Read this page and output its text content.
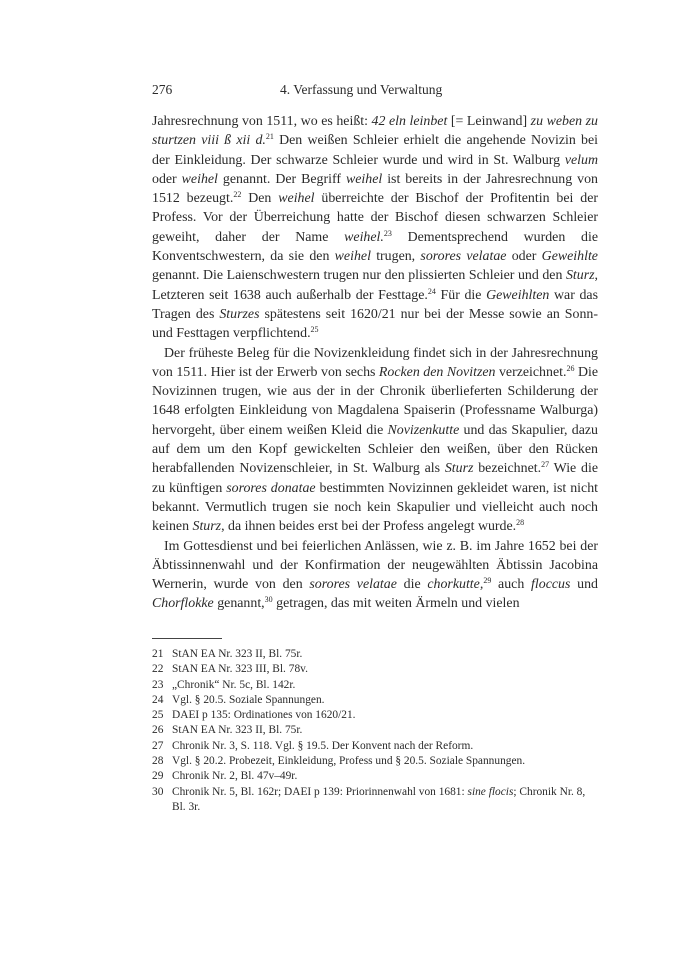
276	4. Verfassung und Verwaltung

Jahresrechnung von 1511, wo es heißt: 42 eln leinbet [= Leinwand] zu weben zu sturtzen viii ß xii d.$^{21}$ Den weißen Schleier erhielt die angehende Novizin bei der Einkleidung. Der schwarze Schleier wurde und wird in St. Walburg velum oder weihel genannt. Der Begriff weihel ist bereits in der Jahresrechnung von 1512 bezeugt.$^{22}$ Den weihel überreichte der Bischof der Profitentin bei der Profess. Vor der Überreichung hatte der Bischof diesen schwarzen Schleier geweiht, daher der Name weihel.$^{23}$ Dementsprechend wurden die Konventschwestern, da sie den weihel trugen, sorores velatae oder Geweihlte genannt. Die Laienschwestern trugen nur den plissierten Schleier und den Sturz, Letzteren seit 1638 auch außerhalb der Festtage.$^{24}$ Für die Geweihlten war das Tragen des Sturzes spätestens seit 1620/21 nur bei der Messe sowie an Sonn- und Festtagen verpflichtend.$^{25}$

Der früheste Beleg für die Novizenkleidung findet sich in der Jahresrechnung von 1511. Hier ist der Erwerb von sechs Rocken den Novitzen verzeichnet.$^{26}$ Die Novizinnen trugen, wie aus der in der Chronik überlieferten Schilderung der 1648 erfolgten Einkleidung von Magdalena Spaiserin (Professname Walburga) hervorgeht, über einem weißen Kleid die Novizenkutte und das Skapulier, dazu auf dem um den Kopf gewickelten Schleier den weißen, über den Rücken herabfallenden Novizenschleier, in St. Walburg als Sturz bezeichnet.$^{27}$ Wie die zu künftigen sorores donatae bestimmten Novizinnen gekleidet waren, ist nicht bekannt. Vermutlich trugen sie noch kein Skapulier und vielleicht auch noch keinen Sturz, da ihnen beides erst bei der Profess angelegt wurde.$^{28}$

Im Gottesdienst und bei feierlichen Anlässen, wie z. B. im Jahre 1652 bei der Äbtissinnenwahl und der Konfirmation der neugewählten Äbtissin Jacobina Wernerin, wurde von den sorores velatae die chorkutte,$^{29}$ auch floccus und Chorflokke genannt,$^{30}$ getragen, das mit weiten Ärmeln und vielen

21 StAN EA Nr. 323 II, Bl. 75r.
22 StAN EA Nr. 323 III, Bl. 78v.
23 „Chronik“ Nr. 5c, Bl. 142r.
24 Vgl. § 20.5. Soziale Spannungen.
25 DAEI p 135: Ordinationes von 1620/21.
26 StAN EA Nr. 323 II, Bl. 75r.
27 Chronik Nr. 3, S. 118. Vgl. § 19.5. Der Konvent nach der Reform.
28 Vgl. § 20.2. Probezeit, Einkleidung, Profess und § 20.5. Soziale Spannungen.
29 Chronik Nr. 2, Bl. 47v–49r.
30 Chronik Nr. 5, Bl. 162r; DAEI p 139: Priorinnenwahl von 1681: sine flocis; Chronik Nr. 8, Bl. 3r.
